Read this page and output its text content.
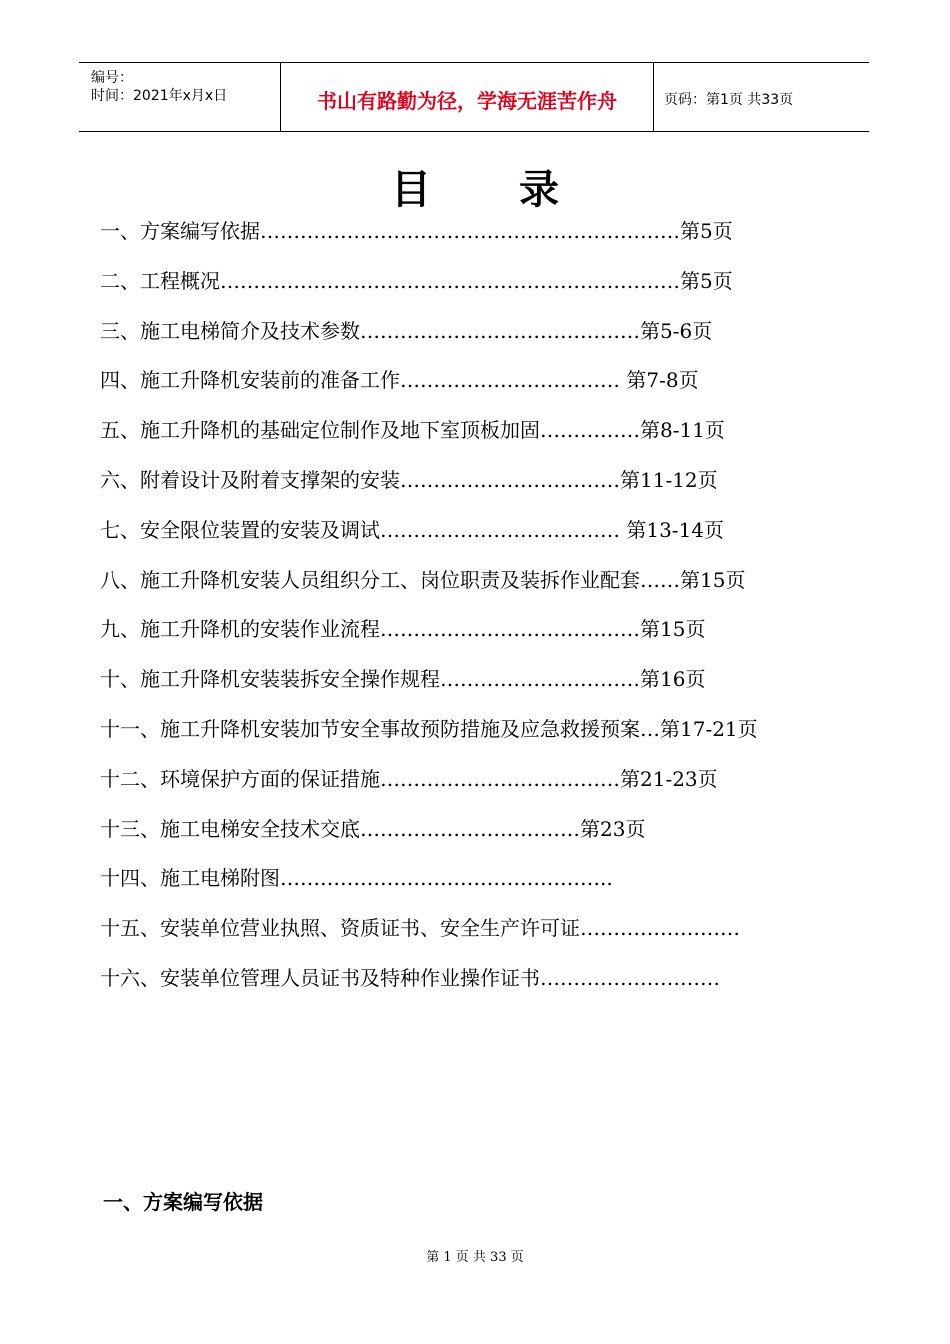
编号：
时间：2021年x月x日	书山有路勤为径，学海无涯苦作舟	页码：第1页 共33页
目录
一、方案编写依据………………………………………………………第5页
二、工程概况……………………………………………………………第5页
三、施工电梯简介及技术参数……………………………………第5-6页
四、施工升降机安装前的准备工作…………………………… 第7-8页
五、施工升降机的基础定位制作及地下室顶板加固……………第8-11页
六、附着设计及附着支撑架的安装……………………………第11-12页
七、安全限位装置的安装及调试……………………………… 第13-14页
八、施工升降机安装人员组织分工、岗位职责及装拆作业配套……第15页
九、施工升降机的安装作业流程…………………………………第15页
十、施工升降机安装装拆安全操作规程…………………………第16页
十一、施工升降机安装加节安全事故预防措施及应急救援预案…第17-21页
十二、环境保护方面的保证措施………………………………第21-23页
十三、施工电梯安全技术交底……………………………第23页
十四、施工电梯附图…………………………………………..
十五、安装单位营业执照、资质证书、安全生产许可证……………………
十六、安装单位管理人员证书及特种作业操作证书………………………
一、方案编写依据
第 1 页 共 33 页
